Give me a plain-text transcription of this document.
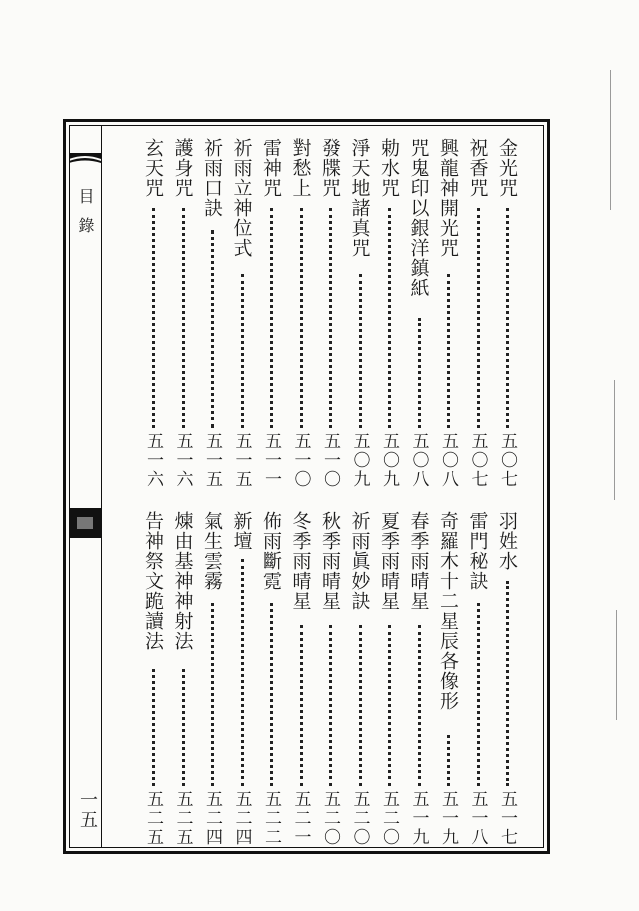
目 錄
一五
金光咒
五〇七
祝香咒
五〇七
興龍神開光咒
五〇八
咒鬼印以銀洋鎮紙
五〇八
勅水咒
五〇九
淨天地諸真咒
五〇九
發牒咒
五一〇
對愁上
五一〇
雷神咒
五一一
祈雨立神位式
五一五
祈雨口訣
五一五
護身咒
五一六
玄天咒
五一六
羽姓水
五一七
雷門秘訣
五一八
奇羅木十二星辰各像形
五一九
春季雨晴星
五一九
夏季雨晴星
五二〇
祈雨眞妙訣
五二〇
秋季雨晴星
五二〇
冬季雨晴星
五二一
佈雨斷霓
五二二
新壇
五二四
氣生雲霧
五二四
煉由基神神射法
五二五
告神祭文跪讀法
五二五
